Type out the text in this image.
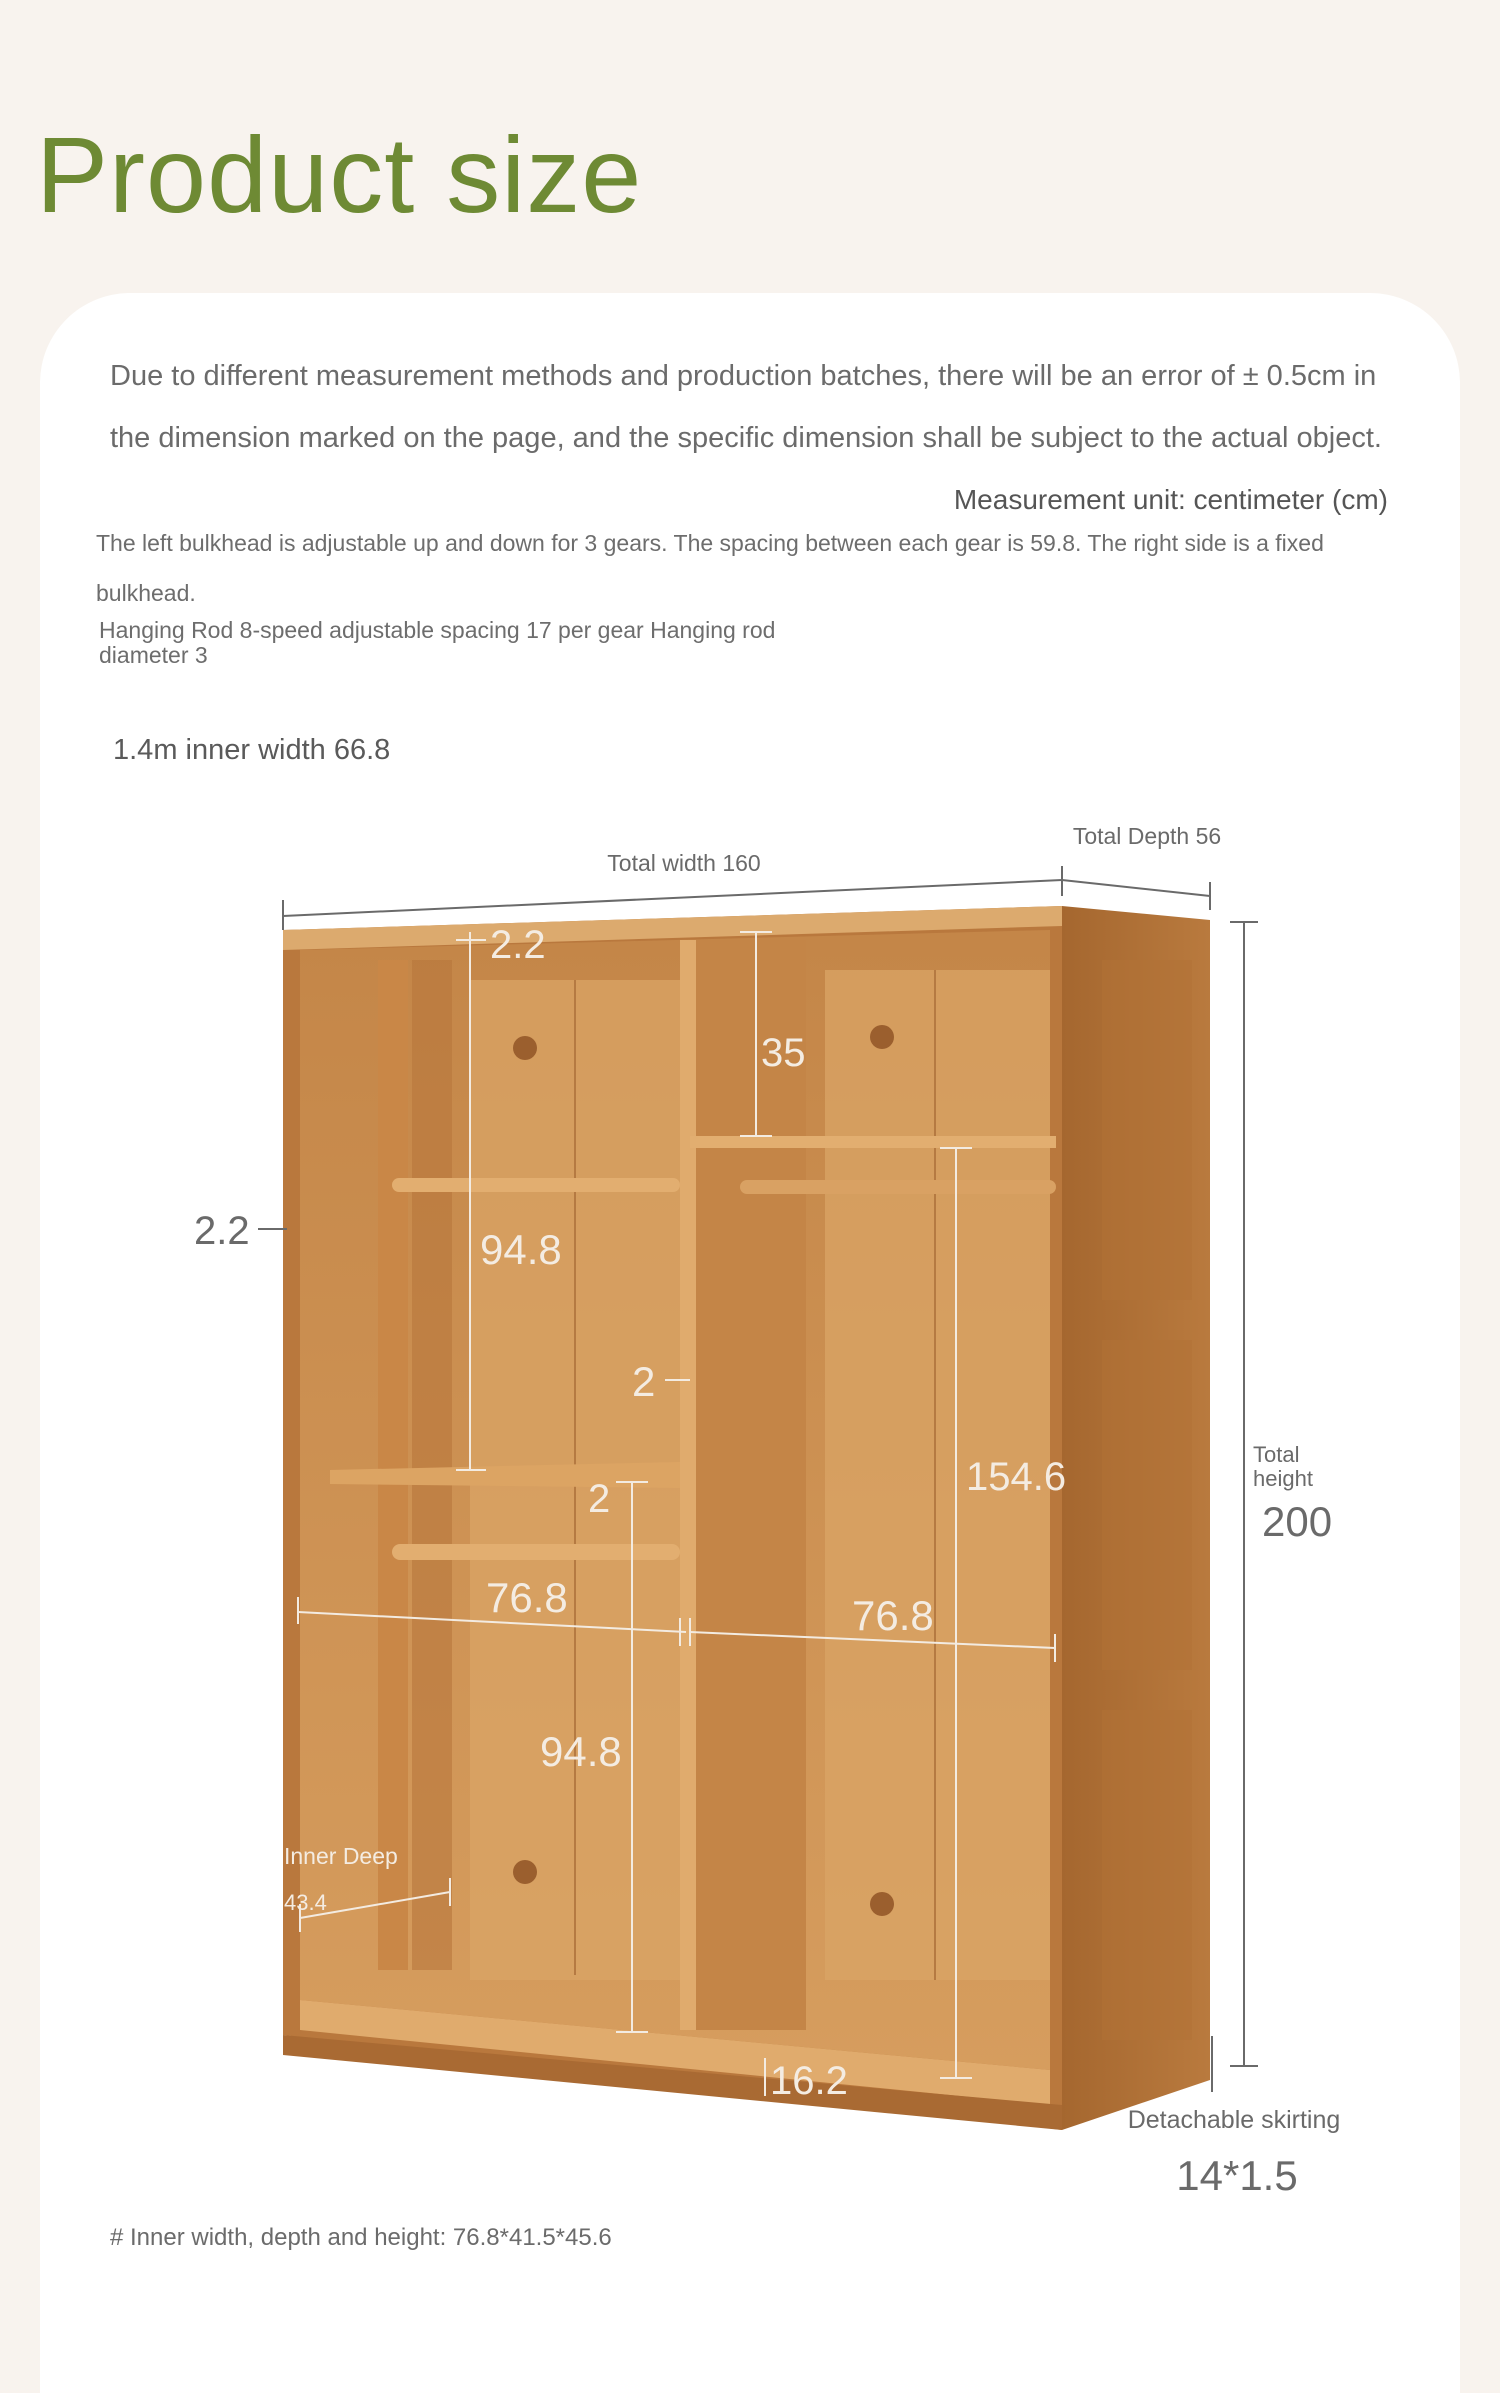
Product size
Due to different measurement methods and production batches, there will be an error of ± 0.5cm in the dimension marked on the page, and the specific dimension shall be subject to the actual object.
Measurement unit: centimeter (cm)
The left bulkhead is adjustable up and down for 3 gears. The spacing between each gear is 59.8. The right side is a fixed bulkhead.
Hanging Rod 8-speed adjustable spacing 17 per gear Hanging rod diameter 3
1.4m inner width 66.8
Total width 160
Total Depth 56
2.2
Total height
200
Detachable skirting
14*1.5
2.2
35
94.8
2
2	154.6
76.8	76.8
94.8
Inner Deep
43.4
16.2
# Inner width, depth and height: 76.8*41.5*45.6
